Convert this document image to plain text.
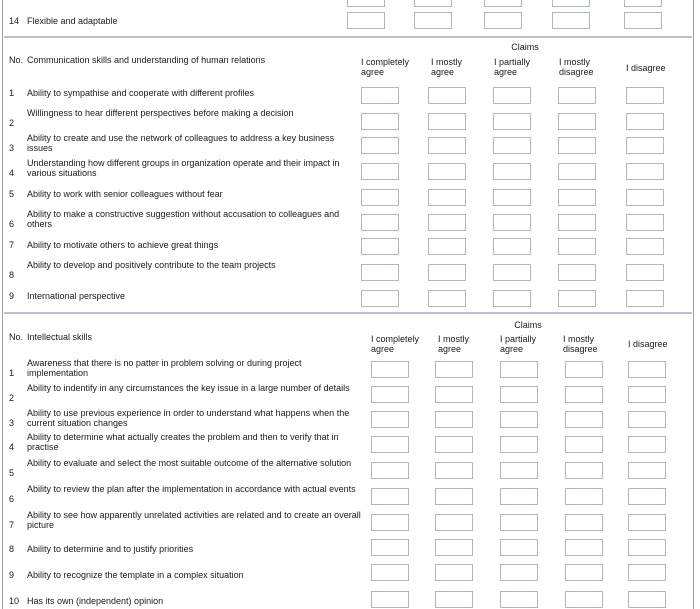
14 Flexible and adaptable
No. Communication skills and understanding of human relations
Claims
I completely agree
I mostly agree
I partially agree
I mostly disagree	I disagree
1 Ability to sympathise and cooperate with different profiles
2
Willingness to hear different perspectives before making a decision
3
Ability to create and use the network of colleagues to address a key business issues
4
Understanding how different groups in organization operate and their impact in various situations
5 Ability to work with senior colleagues without fear
6
Ability to make a constructive suggestion without accusation to colleagues and others
7 Ability to motivate others to achieve great things
8
Ability to develop and positively contribute to the team projects
9 International perspective
No. Intellectual skills
Claims
I completely agree
I mostly agree
I partially agree
I mostly disagree	I disagree
1
Awareness that there is no patter in problem solving or during project implementation
2
Ability to indentify in any circumstances the key issue in a large number of details
3
Ability to use previous experience in order to understand what happens when the current situation changes
4
Ability to determine what actually creates the problem and then to verify that in practise
5
Ability to evaluate and select the most suitable outcome of the alternative solution
6
Ability to review the plan after the implementation in accordance with actual events
7
Ability to see how apparently unrelated activities are related and to create an overall picture
8 Ability to determine and to justify priorities
9 Ability to recognize the template in a complex situation
10 Has its own (independent) opinion
